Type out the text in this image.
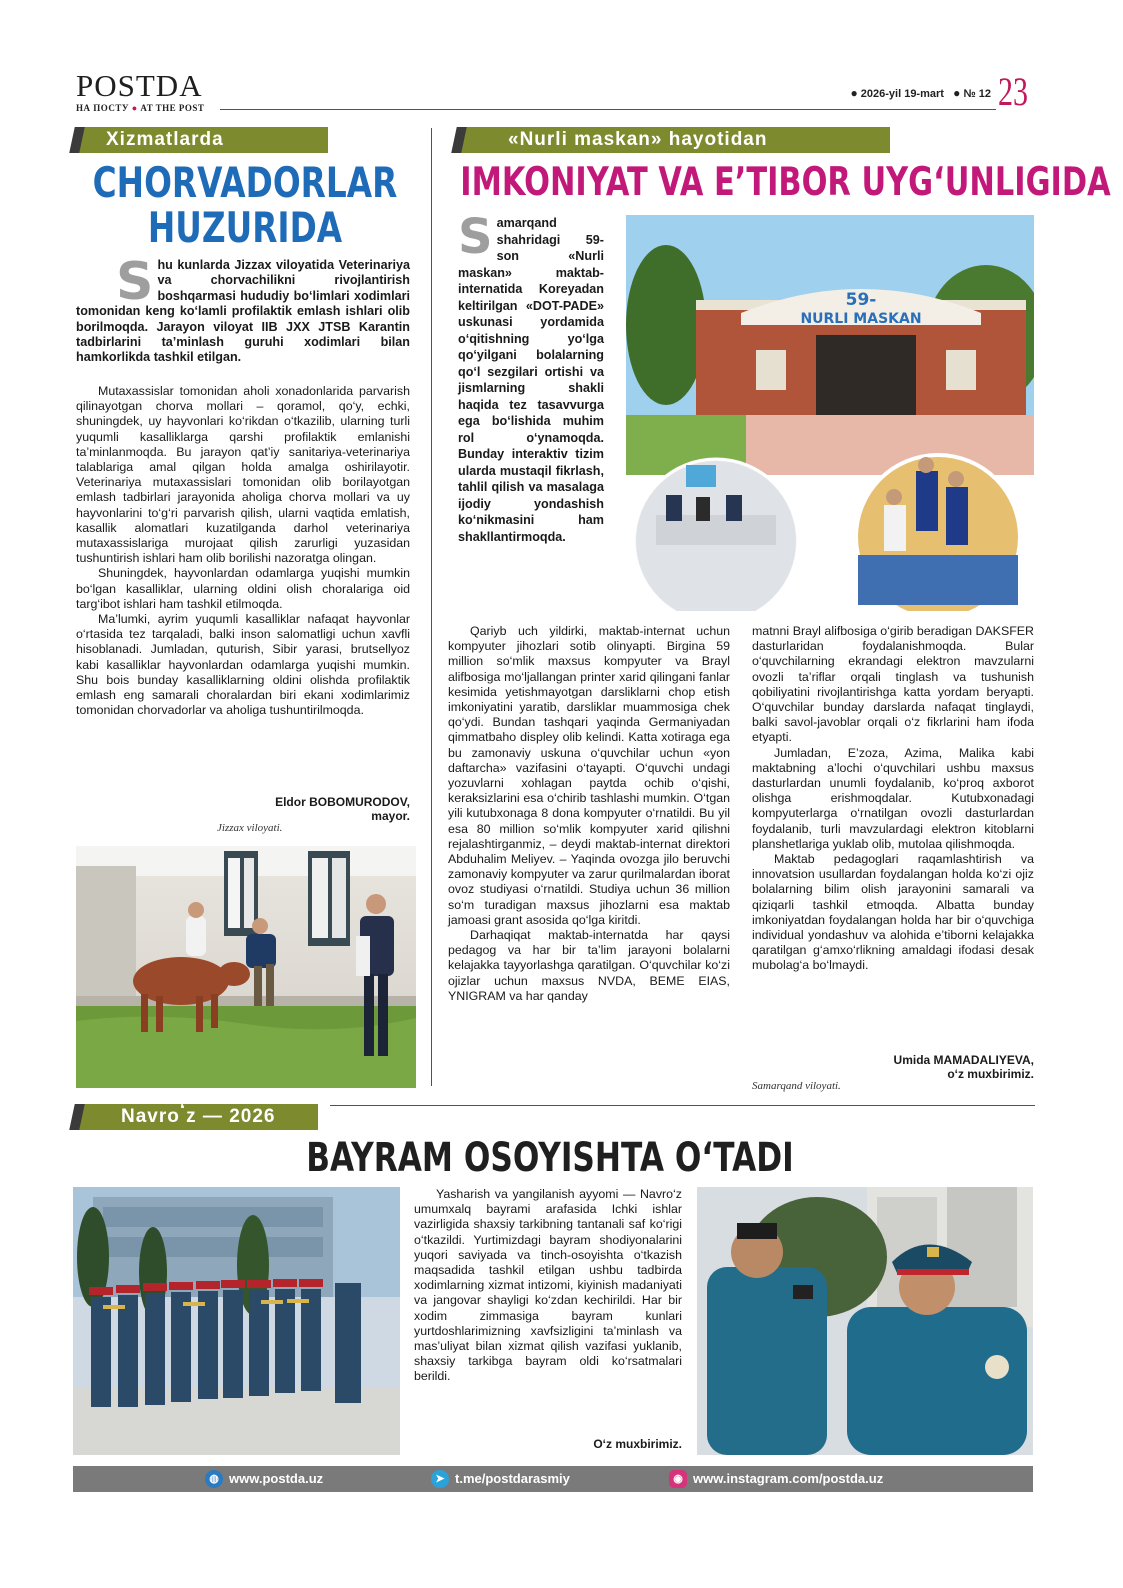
POSTDA
НА ПОСТУ ● AT THE POST
● 2026-yil 19-mart ● № 12 23
Xizmatlarda
CHORVADORLAR
HUZURIDA
S hu kunlarda Jizzax viloyatida Veterinariya va chorvachilikni rivojlantirish boshqarmasi hududiy bo‘limlari xodimlari tomonidan keng ko‘lamli profilaktik emlash ishlari olib borilmoqda. Jarayon viloyat IIB JXX JTSB Karantin tadbirlarini ta’minlash guruhi xodimlari bilan hamkorlikda tashkil etilgan.

Mutaxassislar tomonidan aholi xonadonlarida parvarish qilinayotgan chorva mollari – qoramol, qo‘y, echki, shuningdek, uy hayvonlari ko‘rikdan o‘tkazilib, ularning turli yuqumli kasalliklarga qarshi profilaktik emlanishi ta’minlanmoqda. Bu jarayon qat’iy sanitariya-veterinariya talablariga amal qilgan holda amalga oshirilayotir. Veterinariya mutaxassislari tomonidan olib borilayotgan emlash tadbirlari jarayonida aholiga chorva mollari va uy hayvonlarini to‘g‘ri parvarish qilish, ularni vaqtida emlatish, kasallik alomatlari kuzatilganda darhol veterinariya mutaxassislariga murojaat qilish zarurligi yuzasidan tushuntirish ishlari ham olib borilishi nazoratga olingan.

Shuningdek, hayvonlardan odamlarga yuqishi mumkin bo‘lgan kasalliklar, ularning oldini olish choralariga oid targ‘ibot ishlari ham tashkil etilmoqda.

Ma’lumki, ayrim yuqumli kasalliklar nafaqat hayvonlar o‘rtasida tez tarqaladi, balki inson salomatligi uchun xavfli hisoblanadi. Jumladan, quturish, Sibir yarasi, brutsellyoz kabi kasalliklar hayvonlardan odamlarga yuqishi mumkin. Shu bois bunday kasalliklarning oldini olishda profilaktik emlash eng samarali choralardan biri ekani xodimlarimiz tomonidan chorvadorlar va aholiga tushuntirilmoqda.

Eldor BOBOMURODOV,
mayor.
Jizzax viloyati.
«Nurli maskan» hayotidan
IMKONIYAT VA E’TIBOR UYG‘UNLIGIDA
S amarqand shahridagi 59-son «Nurli maskan» maktab-internatida Koreyadan keltirilgan «DOT-PADE» uskunasi yordamida o‘qitishning yo‘lga qo‘yilgani bolalarning qo‘l sezgilari ortishi va jismlarning shakli haqida tez tasavvurga ega bo‘lishida muhim rol o‘ynamoqda. Bunday interaktiv tizim ularda mustaqil fikrlash, tahlil qilish va masalaga ijodiy yondashish ko‘nikmasini ham shakllantirmoqda.
59-
NURLI MASKAN

Qariyb uch yildirki, maktab-internat uchun kompyuter jihozlari sotib olinyapti. Birgina 59 million so‘mlik maxsus kompyuter va Brayl alifbosiga mo‘ljallangan printer xarid qilingani fanlar kesimida yetishmayotgan darsliklarni chop etish imkoniyatini yaratib, darsliklar muammosiga chek qo‘ydi. Bundan tashqari yaqinda Germaniyadan qimmatbaho displey olib kelindi. Katta xotiraga ega bu zamonaviy uskuna o‘quvchilar uchun «yon daftarcha» vazifasini o‘tayapti. O‘quvchi undagi yozuvlarni xohlagan paytda ochib o‘qishi, keraksizlarini esa o‘chirib tashlashi mumkin. O‘tgan yili kutubxonaga 8 dona kompyuter o‘rnatildi. Bu yil esa 80 million so‘mlik kompyuter xarid qilishni rejalashtirganmiz, – deydi maktab-internat direktori Abduhalim Meliyev. – Yaqinda ovozga jilo beruvchi zamonaviy kompyuter va zarur qurilmalardan iborat ovoz studiyasi o‘rnatildi. Studiya uchun 36 million so‘m turadigan maxsus jihozlarni esa maktab jamoasi grant asosida qo‘lga kiritdi.

Darhaqiqat maktab-internatda har qaysi pedagog va har bir ta’lim jarayoni bolalarni kelajakka tayyorlashga qaratilgan. O‘quvchilar ko‘zi ojizlar uchun maxsus NVDA, BEME EIAS, YNIGRAM va har qanday

matnni Brayl alifbosiga o‘girib beradigan DAKSFER dasturlaridan foydalanishmoqda. Bular o‘quvchilarning ekrandagi elektron mavzularni ovozli ta’riflar orqali tinglash va tushunish qobiliyatini rivojlantirishga katta yordam beryapti. O‘quvchilar bunday darslarda nafaqat tinglaydi, balki savol-javoblar orqali o‘z fikrlarini ham ifoda etyapti.

Jumladan, E’zoza, Azima, Malika kabi maktabning a’lochi o‘quvchilari ushbu maxsus dasturlardan unumli foydalanib, ko‘proq axborot olishga erishmoqdalar. Kutubxonadagi kompyuterlarga o‘rnatilgan ovozli dasturlardan foydalanib, turli mavzulardagi elektron kitoblarni planshetlariga yuklab olib, mutolaa qilishmoqda.

Maktab pedagoglari raqamlashtirish va innovatsion usullardan foydalangan holda ko‘zi ojiz bolalarning bilim olish jarayonini samarali va qiziqarli tashkil etmoqda. Albatta bunday imkoniyatdan foydalangan holda har bir o‘quvchiga individual yondashuv va alohida e’tiborni kelajakka qaratilgan g‘amxo‘rlikning amaldagi ifodasi desak mubolag‘a bo‘lmaydi.

Umida MAMADALIYEVA,
o‘z muxbirimiz.
Samarqand viloyati.
Navro‘z — 2026
BAYRAM OSOYISHTA O‘TADI

Yasharish va yangilanish ayyomi — Navro‘z umumxalq bayrami arafasida Ichki ishlar vazirligida shaxsiy tarkibning tantanali saf ko‘rigi o‘tkazildi. Yurtimizdagi bayram shodiyonalarini yuqori saviyada va tinch-osoyishta o‘tkazish maqsadida tashkil etilgan ushbu tadbirda xodimlarning xizmat intizomi, kiyinish madaniyati va jangovar shayligi ko‘zdan kechirildi. Har bir xodim zimmasiga bayram kunlari yurtdoshlarimizning xavfsizligini ta’minlash va mas’uliyat bilan xizmat qilish vazifasi yuklanib, shaxsiy tarkibga bayram oldi ko‘rsatmalari berildi.

O‘z muxbirimiz.
◍ www.postda.uz	➤ t.me/postdarasmiy	◉ www.instagram.com/postda.uz
